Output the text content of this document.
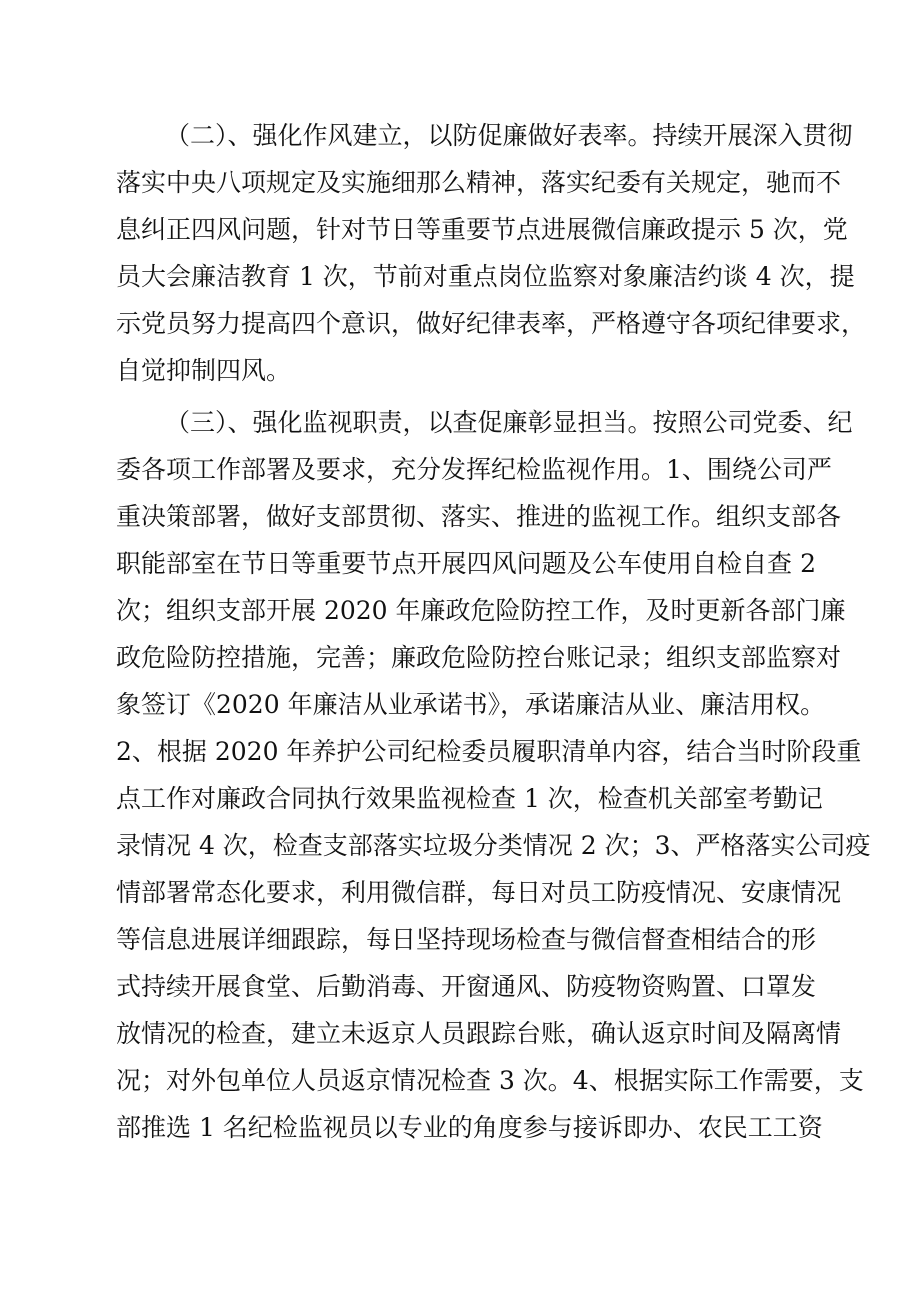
（二）、强化作风建立，以防促廉做好表率。持续开展深入贯彻

落实中央八项规定及实施细那么精神，落实纪委有关规定，驰而不

息纠正四风问题，针对节日等重要节点进展微信廉政提示 5 次，党

员大会廉洁教育 1 次，节前对重点岗位监察对象廉洁约谈 4 次，提

示党员努力提高四个意识，做好纪律表率，严格遵守各项纪律要求，

自觉抑制四风。

（三）、强化监视职责，以查促廉彰显担当。按照公司党委、纪

委各项工作部署及要求，充分发挥纪检监视作用。1、围绕公司严

重决策部署，做好支部贯彻、落实、推进的监视工作。组织支部各

职能部室在节日等重要节点开展四风问题及公车使用自检自查 2

次；组织支部开展 2020 年廉政危险防控工作，及时更新各部门廉

政危险防控措施，完善；廉政危险防控台账记录；组织支部监察对

象签订《2020 年廉洁从业承诺书》，承诺廉洁从业、廉洁用权。

2、根据 2020 年养护公司纪检委员履职清单内容，结合当时阶段重

点工作对廉政合同执行效果监视检查 1 次，检查机关部室考勤记

录情况 4 次，检查支部落实垃圾分类情况 2 次；3、严格落实公司疫

情部署常态化要求，利用微信群，每日对员工防疫情况、安康情况

等信息进展详细跟踪，每日坚持现场检查与微信督查相结合的形

式持续开展食堂、后勤消毒、开窗通风、防疫物资购置、口罩发

放情况的检查，建立未返京人员跟踪台账，确认返京时间及隔离情

况；对外包单位人员返京情况检查 3 次。4、根据实际工作需要，支

部推选 1 名纪检监视员以专业的角度参与接诉即办、农民工工资
